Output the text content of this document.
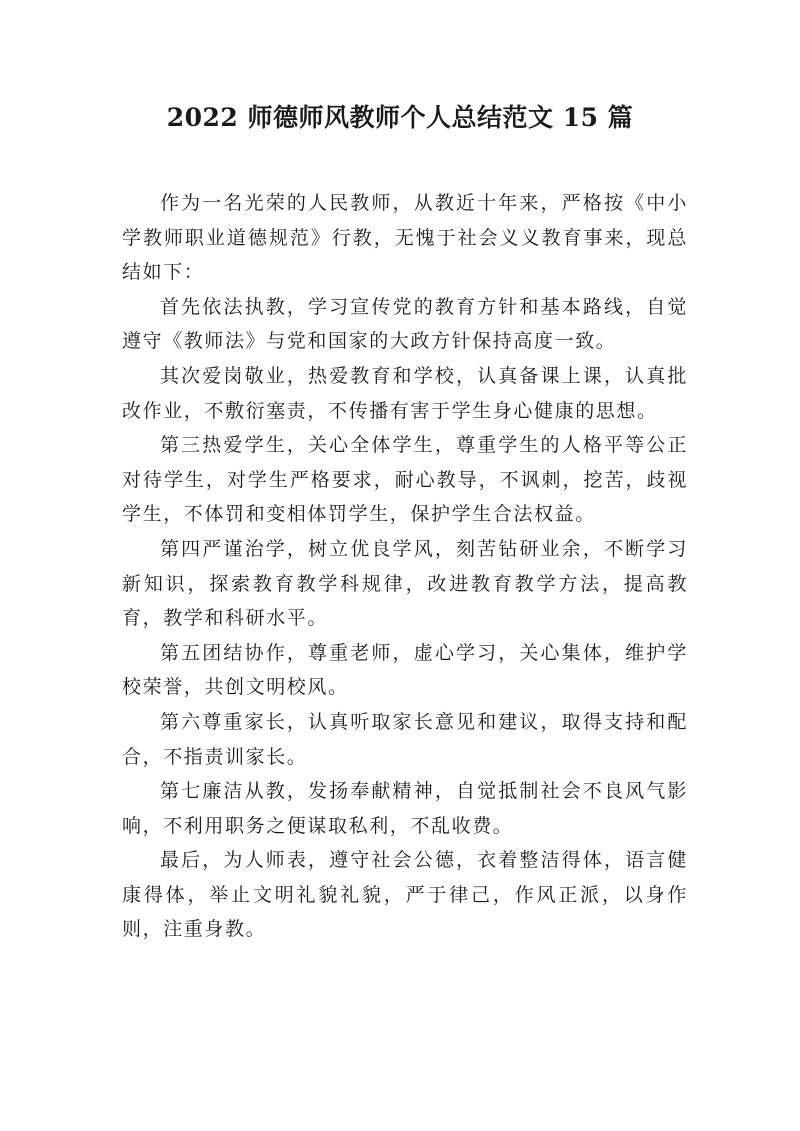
2022 师德师风教师个人总结范文 15 篇

作为一名光荣的人民教师，从教近十年来，严格按《中小学教师职业道德规范》行教，无愧于社会义义教育事来，现总结如下：

首先依法执教，学习宣传党的教育方针和基本路线，自觉遵守《教师法》与党和国家的大政方针保持高度一致。

其次爱岗敬业，热爱教育和学校，认真备课上课，认真批改作业，不敷衍塞责，不传播有害于学生身心健康的思想。

第三热爱学生，关心全体学生，尊重学生的人格平等公正对待学生，对学生严格要求，耐心教导，不讽刺，挖苦，歧视学生，不体罚和变相体罚学生，保护学生合法权益。

第四严谨治学，树立优良学风，刻苦钻研业余，不断学习新知识，探索教育教学科规律，改进教育教学方法，提高教育，教学和科研水平。

第五团结协作，尊重老师，虚心学习，关心集体，维护学校荣誉，共创文明校风。

第六尊重家长，认真听取家长意见和建议，取得支持和配合，不指责训家长。

第七廉洁从教，发扬奉献精神，自觉抵制社会不良风气影响，不利用职务之便谋取私利，不乱收费。

最后，为人师表，遵守社会公德，衣着整洁得体，语言健康得体，举止文明礼貌礼貌，严于律己，作风正派，以身作则，注重身教。
